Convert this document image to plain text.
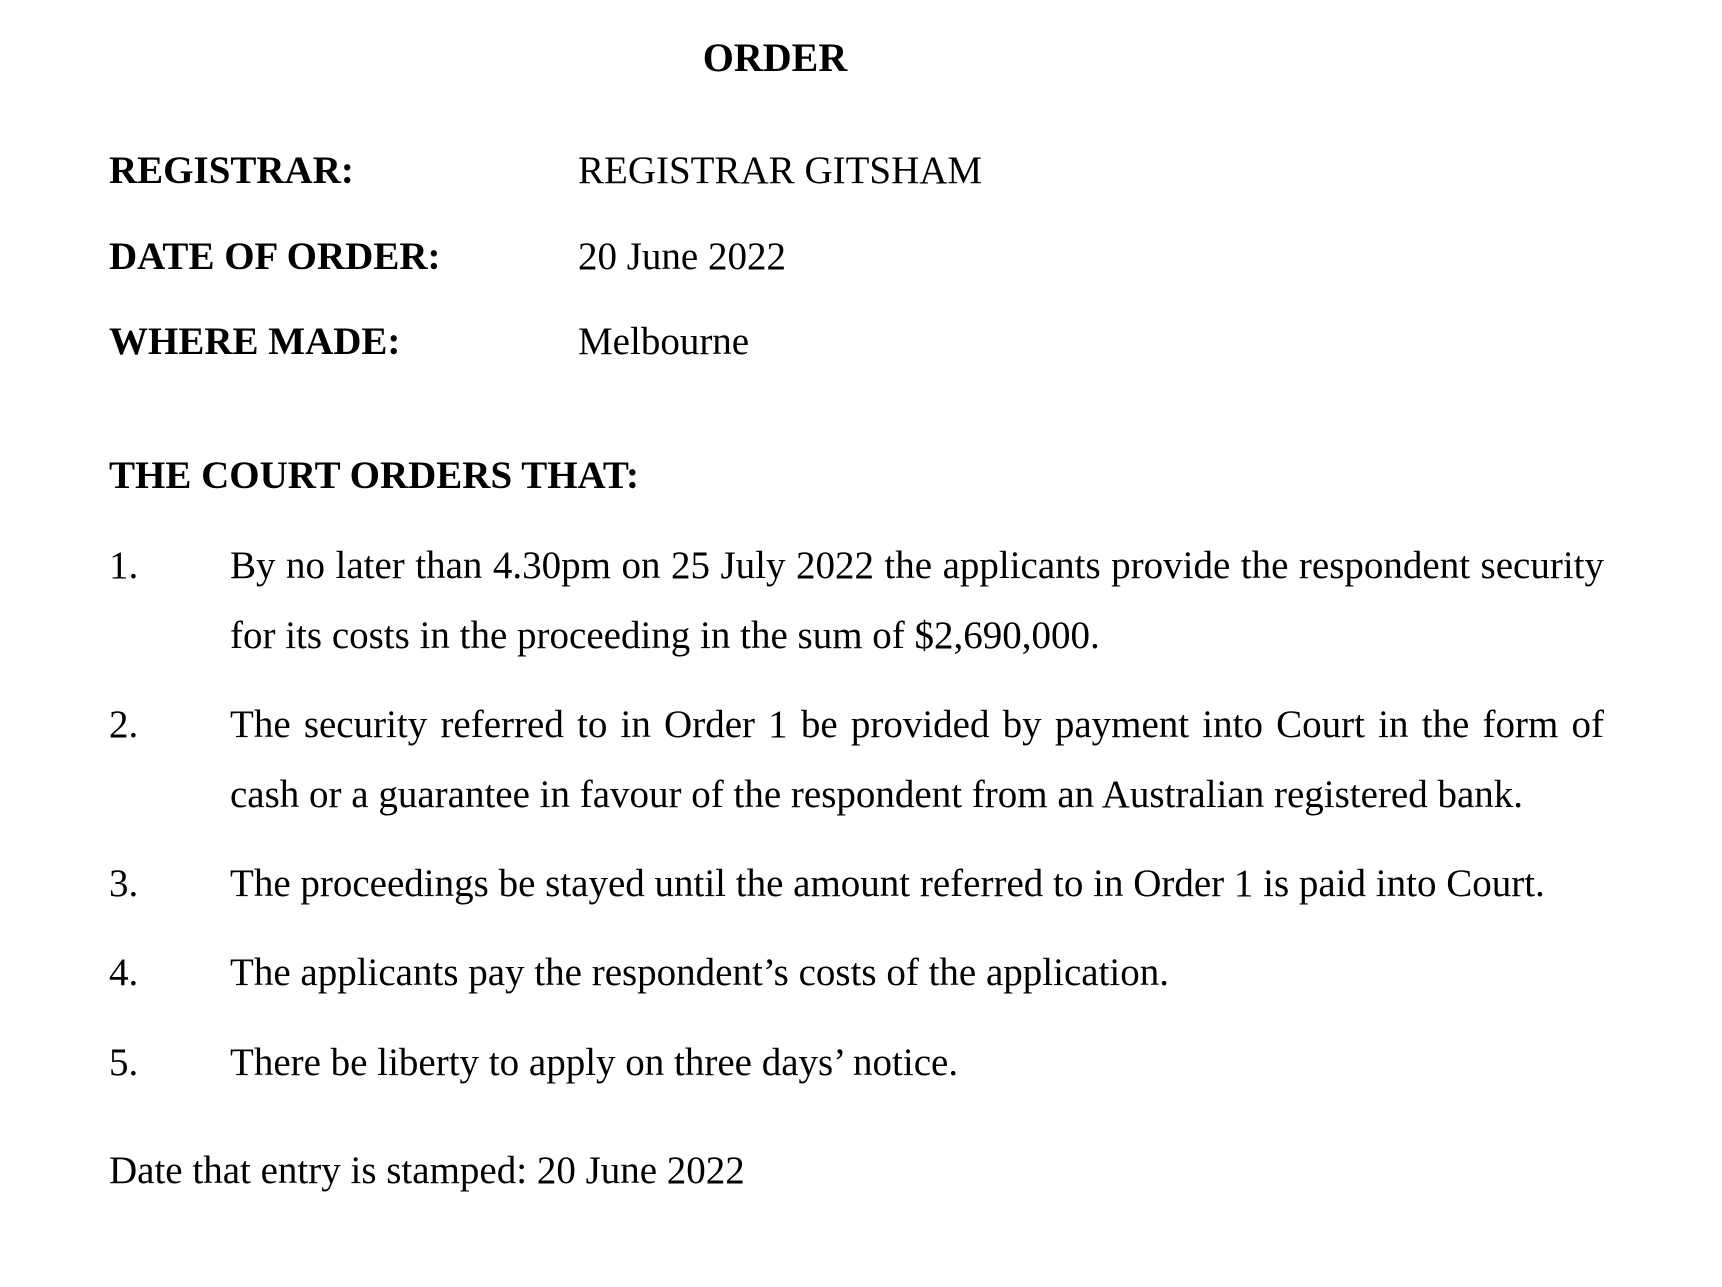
ORDER
REGISTRAR:	REGISTRAR GITSHAM
DATE OF ORDER:	20 June 2022
WHERE MADE:	Melbourne
THE COURT ORDERS THAT:
1. By no later than 4.30pm on 25 July 2022 the applicants provide the respondent security for its costs in the proceeding in the sum of $2,690,000.
2. The security referred to in Order 1 be provided by payment into Court in the form of cash or a guarantee in favour of the respondent from an Australian registered bank.
3. The proceedings be stayed until the amount referred to in Order 1 is paid into Court.
4. The applicants pay the respondent’s costs of the application.
5. There be liberty to apply on three days’ notice.
Date that entry is stamped: 20 June 2022
